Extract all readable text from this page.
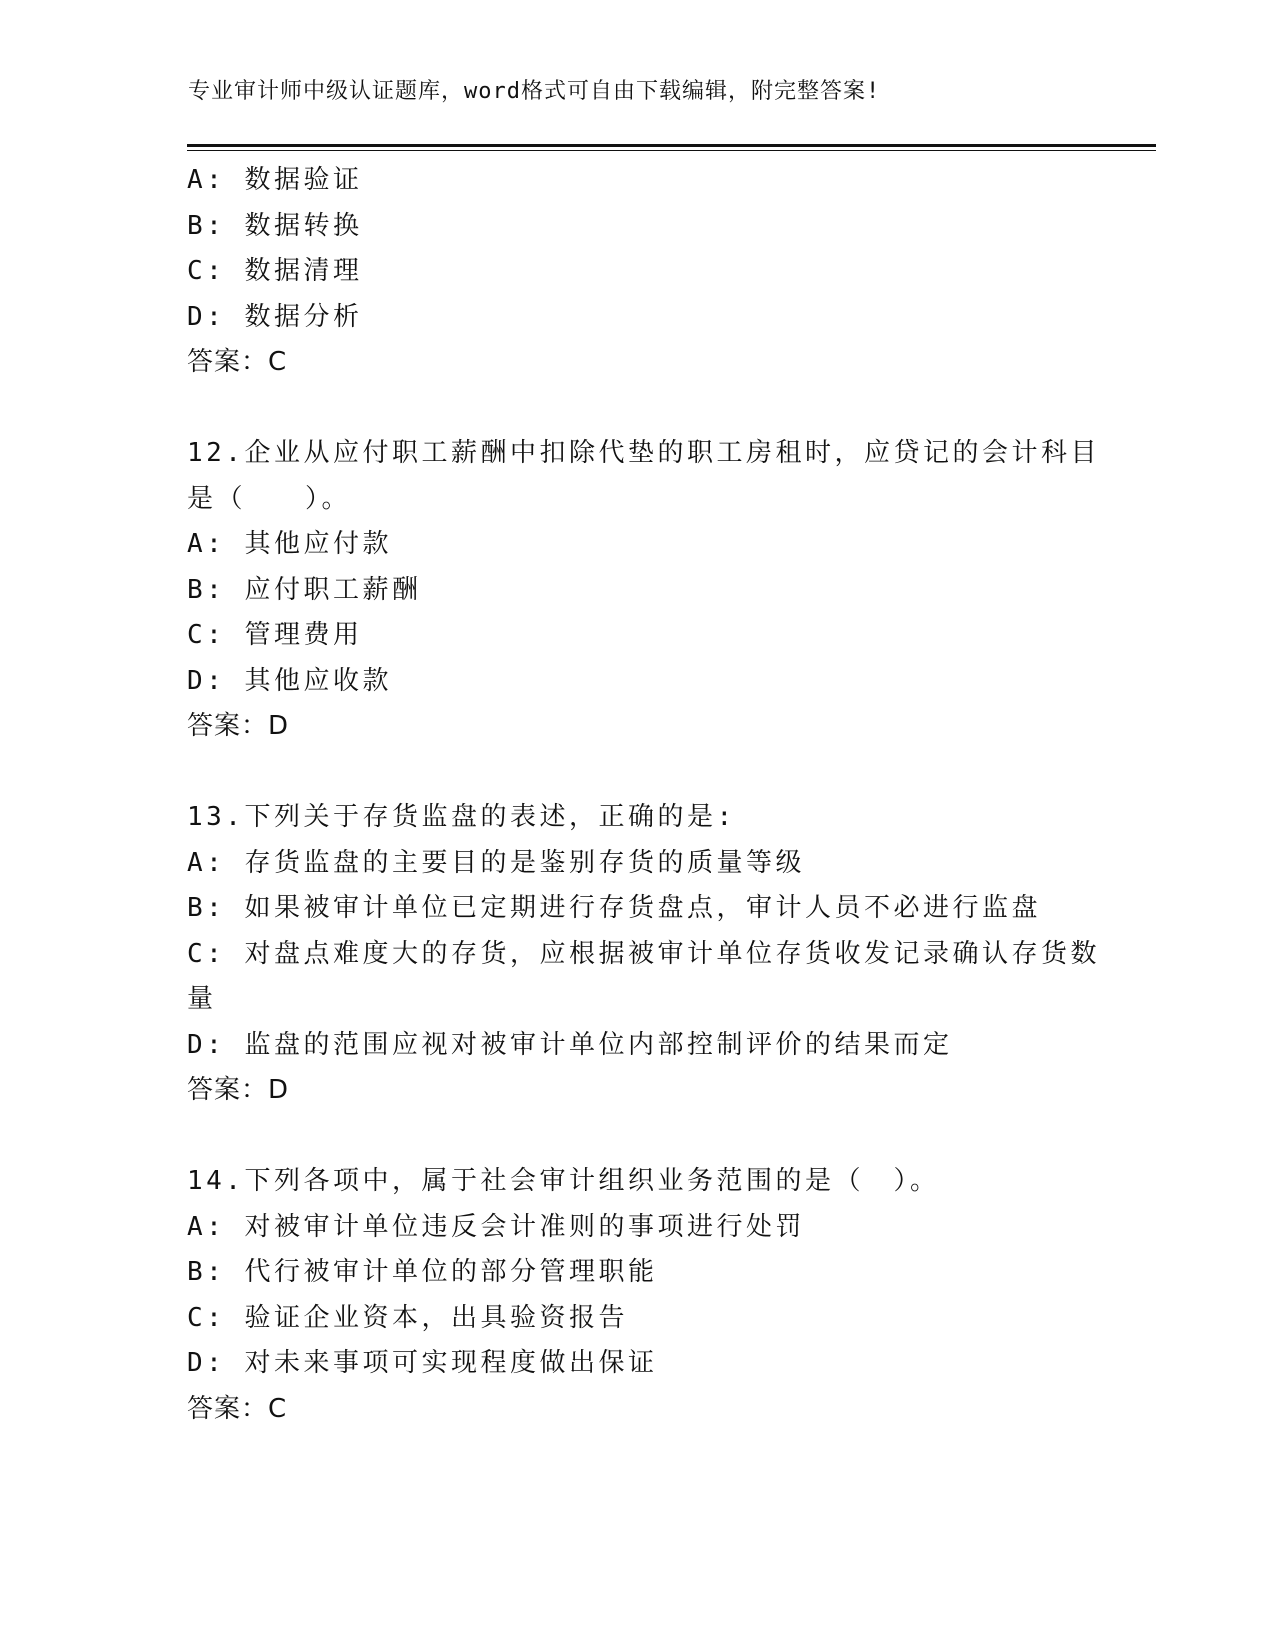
专业审计师中级认证题库，word格式可自由下载编辑，附完整答案!
A: 数据验证
B: 数据转换
C: 数据清理
D: 数据分析
答案：C
12.企业从应付职工薪酬中扣除代垫的职工房租时，应贷记的会计科目
是（　　）。
A: 其他应付款
B: 应付职工薪酬
C: 管理费用
D: 其他应收款
答案：D
13.下列关于存货监盘的表述，正确的是:
A: 存货监盘的主要目的是鉴别存货的质量等级
B: 如果被审计单位已定期进行存货盘点，审计人员不必进行监盘
C: 对盘点难度大的存货，应根据被审计单位存货收发记录确认存货数
量
D: 监盘的范围应视对被审计单位内部控制评价的结果而定
答案：D
14.下列各项中，属于社会审计组织业务范围的是（　）。
A: 对被审计单位违反会计准则的事项进行处罚
B: 代行被审计单位的部分管理职能
C: 验证企业资本，出具验资报告
D: 对未来事项可实现程度做出保证
答案：C
